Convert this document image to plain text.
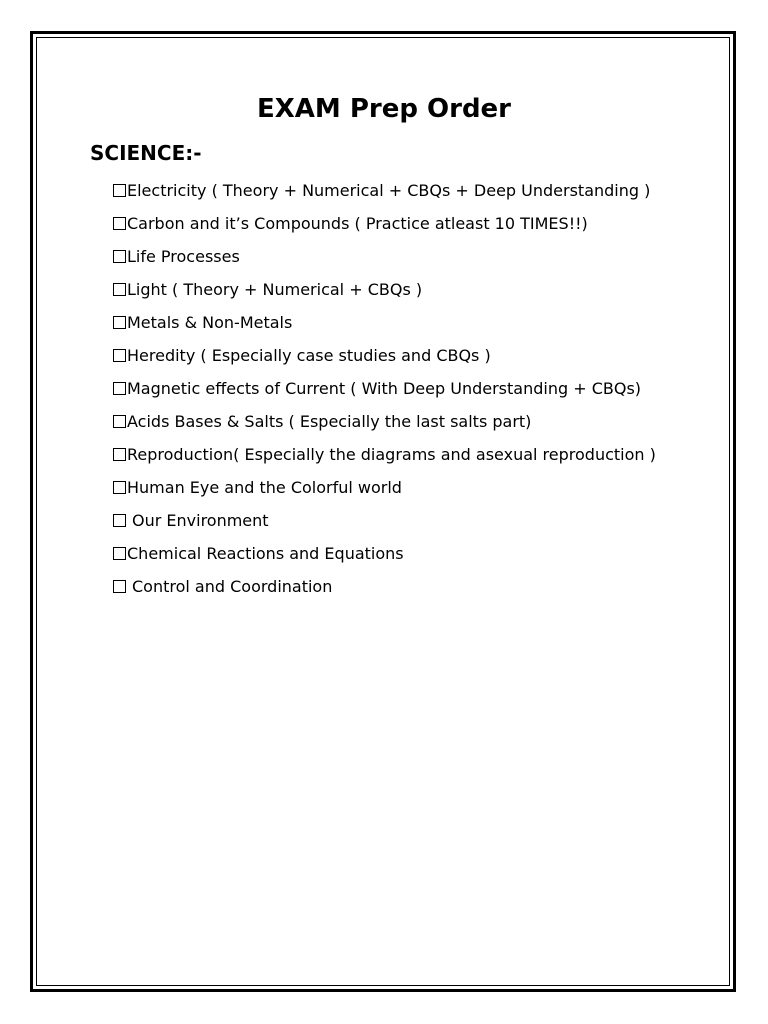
EXAM Prep Order
SCIENCE:-
Electricity ( Theory + Numerical + CBQs + Deep Understanding )
Carbon and it’s Compounds ( Practice atleast 10 TIMES!!)
Life Processes
Light ( Theory + Numerical + CBQs )
Metals & Non-Metals
Heredity ( Especially case studies and CBQs )
Magnetic effects of Current ( With Deep Understanding + CBQs)
Acids Bases & Salts ( Especially the last salts part)
Reproduction( Especially the diagrams and asexual reproduction )
Human Eye and the Colorful world
Our Environment
Chemical Reactions and Equations
Control and Coordination
